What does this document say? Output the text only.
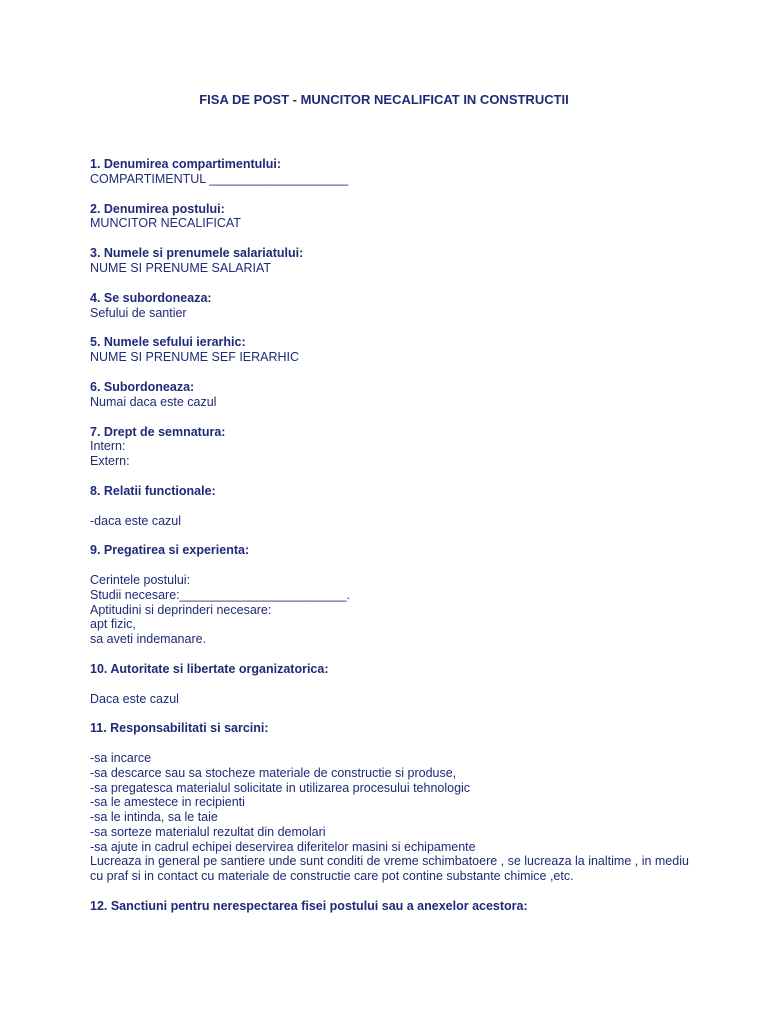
FISA DE POST - MUNCITOR NECALIFICAT IN CONSTRUCTII
1. Denumirea compartimentului:
COMPARTIMENTUL ____________________
2. Denumirea postului:
MUNCITOR NECALIFICAT
3. Numele si prenumele salariatului:
NUME SI PRENUME SALARIAT
4. Se subordoneaza:
Sefului de santier
5. Numele sefului ierarhic:
NUME SI PRENUME SEF IERARHIC
6. Subordoneaza:
Numai daca este cazul
7. Drept de semnatura:
Intern:
Extern:
8. Relatii functionale:
-daca este cazul
9. Pregatirea si experienta:
Cerintele postului:
Studii necesare:________________________.
Aptitudini si deprinderi necesare:
apt fizic,
sa aveti indemanare.
10. Autoritate si libertate organizatorica:
Daca este cazul
11. Responsabilitati si sarcini:
-sa incarce
-sa descarce sau sa stocheze materiale de constructie si produse,
-sa pregatesca materialul solicitate in utilizarea procesului tehnologic
-sa le amestece in recipienti
-sa le intinda, sa le taie
-sa sorteze materialul rezultat din demolari
-sa ajute in cadrul echipei deservirea diferitelor masini si echipamente
Lucreaza in general pe santiere unde sunt conditi de vreme schimbatoere , se lucreaza la inaltime , in mediu cu praf si in contact cu materiale de constructie care pot contine substante chimice ,etc.
12. Sanctiuni pentru nerespectarea fisei postului sau a anexelor acestora:
